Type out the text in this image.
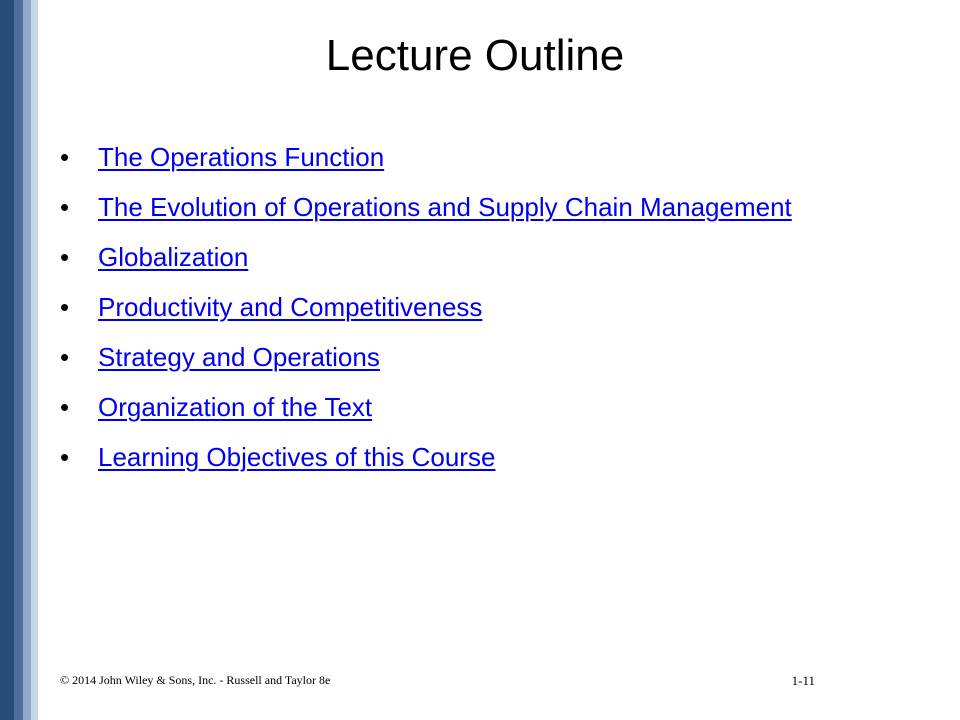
Lecture Outline
• The Operations Function
• The Evolution of Operations and Supply Chain Management
• Globalization
• Productivity and Competitiveness
• Strategy and Operations
• Organization of the Text
• Learning Objectives of this Course
© 2014 John Wiley & Sons, Inc. - Russell and Taylor 8e	1-11
